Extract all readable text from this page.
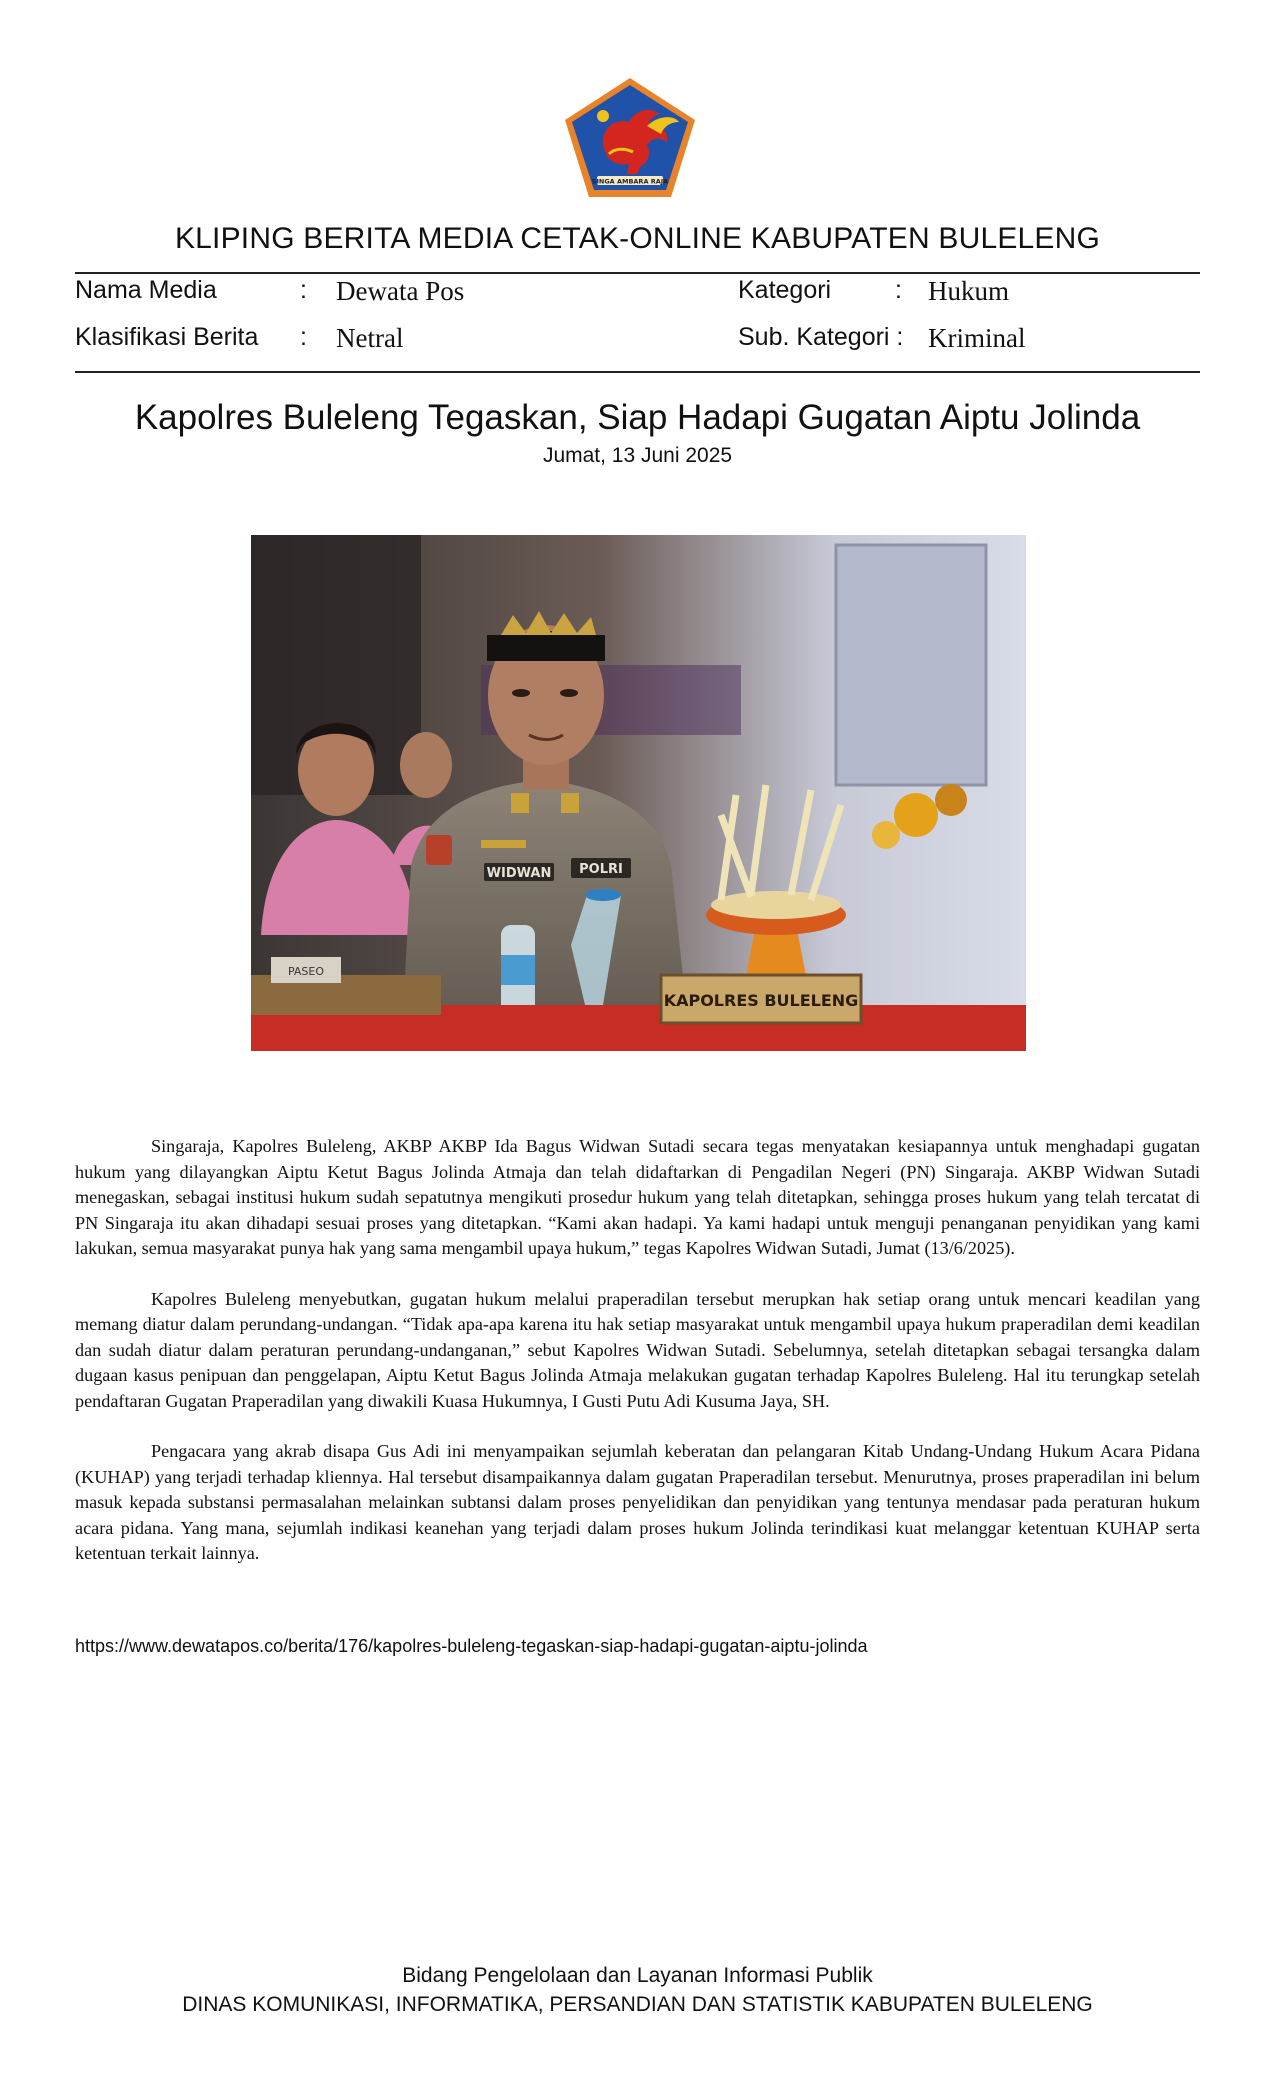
SINGA AMBARA RAJA
KLIPING BERITA MEDIA CETAK-ONLINE KABUPATEN BULELENG
Nama Media	: Dewata Pos	Kategori	: Hukum
Klasifikasi Berita : Netral	Sub. Kategori : Kriminal
Kapolres Buleleng Tegaskan, Siap Hadapi Gugatan Aiptu Jolinda
Jumat, 13 Juni 2025
WIDWAN POLRI
PASEO
KAPOLRES BULELENG

Singaraja, Kapolres Buleleng, AKBP AKBP Ida Bagus Widwan Sutadi secara tegas menyatakan kesiapannya untuk menghadapi gugatan hukum yang dilayangkan Aiptu Ketut Bagus Jolinda Atmaja dan telah didaftarkan di Pengadilan Negeri (PN) Singaraja. AKBP Widwan Sutadi menegaskan, sebagai institusi hukum sudah sepatutnya mengikuti prosedur hukum yang telah ditetapkan, sehingga proses hukum yang telah tercatat di PN Singaraja itu akan dihadapi sesuai proses yang ditetapkan. “Kami akan hadapi. Ya kami hadapi untuk menguji penanganan penyidikan yang kami lakukan, semua masyarakat punya hak yang sama mengambil upaya hukum,” tegas Kapolres Widwan Sutadi, Jumat (13/6/2025).

Kapolres Buleleng menyebutkan, gugatan hukum melalui praperadilan tersebut merupkan hak setiap orang untuk mencari keadilan yang memang diatur dalam perundang-undangan. “Tidak apa-apa karena itu hak setiap masyarakat untuk mengambil upaya hukum praperadilan demi keadilan dan sudah diatur dalam peraturan perundang-undanganan,” sebut Kapolres Widwan Sutadi. Sebelumnya, setelah ditetapkan sebagai tersangka dalam dugaan kasus penipuan dan penggelapan, Aiptu Ketut Bagus Jolinda Atmaja melakukan gugatan terhadap Kapolres Buleleng. Hal itu terungkap setelah pendaftaran Gugatan Praperadilan yang diwakili Kuasa Hukumnya, I Gusti Putu Adi Kusuma Jaya, SH.

Pengacara yang akrab disapa Gus Adi ini menyampaikan sejumlah keberatan dan pelangaran Kitab Undang-Undang Hukum Acara Pidana (KUHAP) yang terjadi terhadap kliennya. Hal tersebut disampaikannya dalam gugatan Praperadilan tersebut. Menurutnya, proses praperadilan ini belum masuk kepada substansi permasalahan melainkan subtansi dalam proses penyelidikan dan penyidikan yang tentunya mendasar pada peraturan hukum acara pidana. Yang mana, sejumlah indikasi keanehan yang terjadi dalam proses hukum Jolinda terindikasi kuat melanggar ketentuan KUHAP serta ketentuan terkait lainnya.

https://www.dewatapos.co/berita/176/kapolres-buleleng-tegaskan-siap-hadapi-gugatan-aiptu-jolinda
Bidang Pengelolaan dan Layanan Informasi Publik
DINAS KOMUNIKASI, INFORMATIKA, PERSANDIAN DAN STATISTIK KABUPATEN BULELENG
